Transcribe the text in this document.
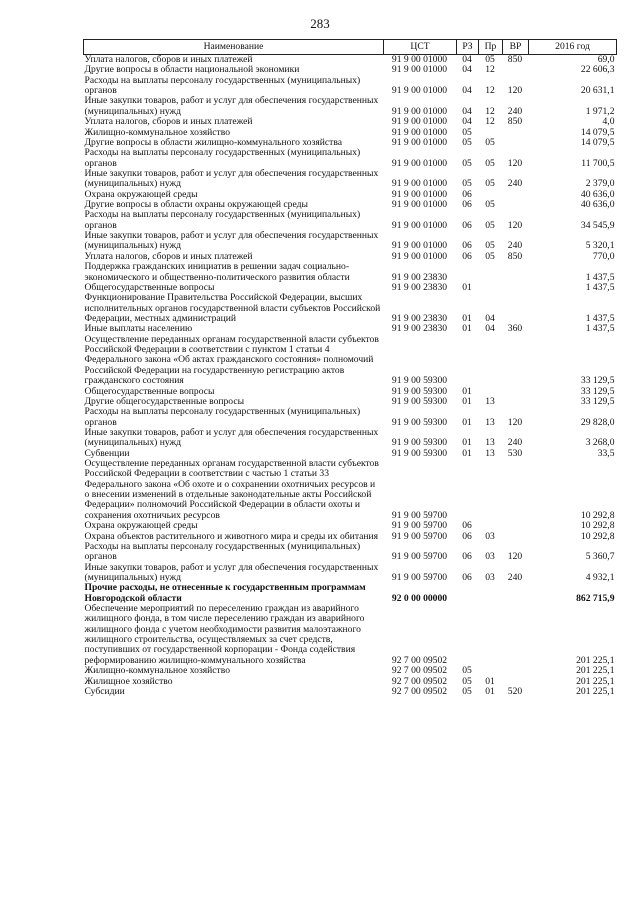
283
Наименование	ЦСТ	РЗ	Пр	ВР	2016 год
Уплата налогов, сборов и иных платежей	91 9 00 01000	04	05	850	69,0
Другие вопросы в области национальной экономики	91 9 00 01000	04	12		22 606,3
Расходы на выплаты персоналу государственных (муниципальных) органов	91 9 00 01000	04	12	120	20 631,1
Иные закупки товаров, работ и услуг для обеспечения государственных (муниципальных) нужд	91 9 00 01000	04	12	240	1 971,2
Уплата налогов, сборов и иных платежей	91 9 00 01000	04	12	850	4,0
Жилищно-коммунальное хозяйство	91 9 00 01000	05			14 079,5
Другие вопросы в области жилищно-коммунального хозяйства	91 9 00 01000	05	05		14 079,5
Расходы на выплаты персоналу государственных (муниципальных) органов	91 9 00 01000	05	05	120	11 700,5
Иные закупки товаров, работ и услуг для обеспечения государственных (муниципальных) нужд	91 9 00 01000	05	05	240	2 379,0
Охрана окружающей среды	91 9 00 01000	06			40 636,0
Другие вопросы в области охраны окружающей среды	91 9 00 01000	06	05		40 636,0
Расходы на выплаты персоналу государственных (муниципальных) органов	91 9 00 01000	06	05	120	34 545,9
Иные закупки товаров, работ и услуг для обеспечения государственных (муниципальных) нужд	91 9 00 01000	06	05	240	5 320,1
Уплата налогов, сборов и иных платежей	91 9 00 01000	06	05	850	770,0
Поддержка гражданских инициатив в решении задач социально-экономического и общественно-политического развития области	91 9 00 23830				1 437,5
Общегосударственные вопросы	91 9 00 23830	01			1 437,5
Функционирование Правительства Российской Федерации, высших исполнительных органов государственной власти субъектов Российской Федерации, местных администраций	91 9 00 23830	01	04		1 437,5
Иные выплаты населению	91 9 00 23830	01	04	360	1 437,5
Осуществление переданных органам государственной власти субъектов Российской Федерации в соответствии с пунктом 1 статьи 4 Федерального закона «Об актах гражданского состояния» полномочий Российской Федерации на государственную регистрацию актов гражданского состояния	91 9 00 59300				33 129,5
Общегосударственные вопросы	91 9 00 59300	01			33 129,5
Другие общегосударственные вопросы	91 9 00 59300	01	13		33 129,5
Расходы на выплаты персоналу государственных (муниципальных) органов	91 9 00 59300	01	13	120	29 828,0
Иные закупки товаров, работ и услуг для обеспечения государственных (муниципальных) нужд	91 9 00 59300	01	13	240	3 268,0
Субвенции	91 9 00 59300	01	13	530	33,5
Осуществление переданных органам государственной власти субъектов Российской Федерации в соответствии с частью 1 статьи 33 Федерального закона «Об охоте и о сохранении охотничьих ресурсов и о внесении изменений в отдельные законодательные акты Российской Федерации» полномочий Российской Федерации в области охоты и сохранения охотничьих ресурсов	91 9 00 59700				10 292,8
Охрана окружающей среды	91 9 00 59700	06			10 292,8
Охрана объектов растительного и животного мира и среды их обитания	91 9 00 59700	06	03		10 292,8
Расходы на выплаты персоналу государственных (муниципальных) органов	91 9 00 59700	06	03	120	5 360,7
Иные закупки товаров, работ и услуг для обеспечения государственных (муниципальных) нужд	91 9 00 59700	06	03	240	4 932,1
Прочие расходы, не отнесенные к государственным программам Новгородской области	92 0 00 00000				862 715,9
Обеспечение мероприятий по переселению граждан из аварийного жилищного фонда, в том числе переселению граждан из аварийного жилищного фонда с учетом необходимости развития малоэтажного жилищного строительства, осуществляемых за счет средств, поступивших от государственной корпорации - Фонда содействия реформированию жилищно-коммунального хозяйства	92 7 00 09502				201 225,1
Жилищно-коммунальное хозяйство	92 7 00 09502	05			201 225,1
Жилищное хозяйство	92 7 00 09502	05	01		201 225,1
Субсидии	92 7 00 09502	05	01	520	201 225,1
